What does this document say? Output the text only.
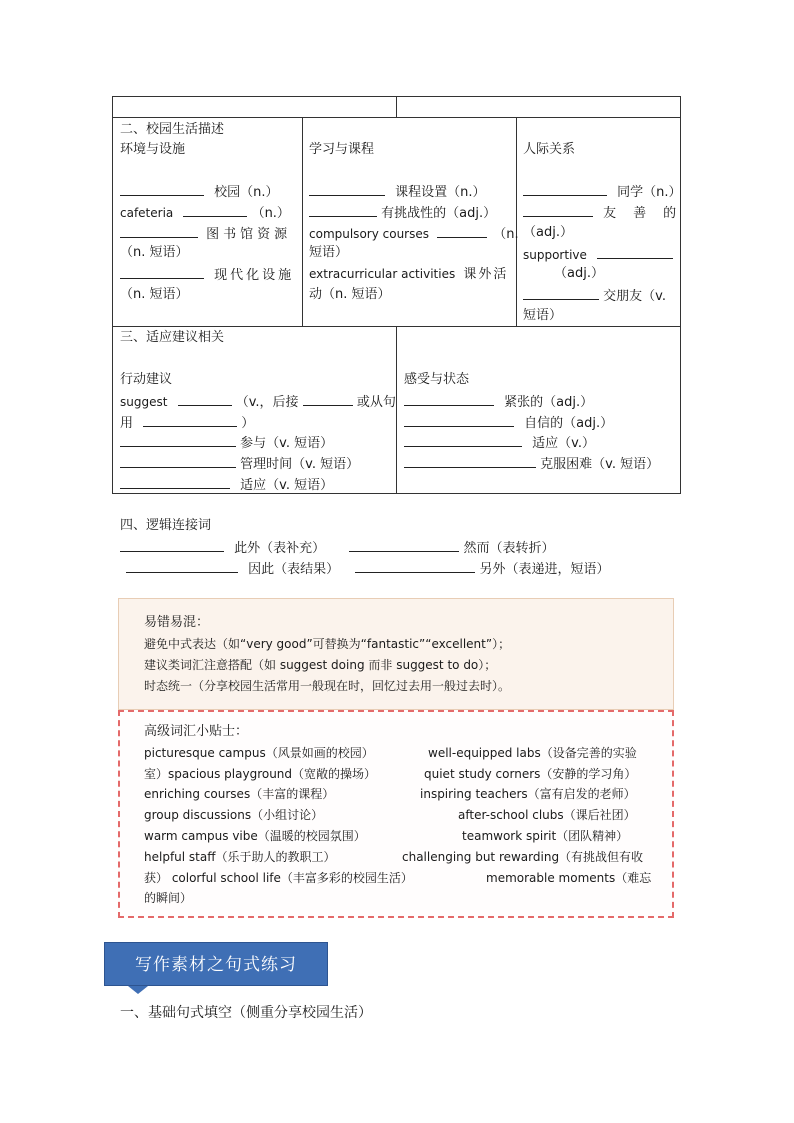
二、校园生活描述
环境与设施
校园（n.）
cafeteria	（n.）
图书馆资源
（n. 短语）
现代化设施
（n. 短语）
学习与课程
课程设置（n.）
有挑战性的（adj.）
compulsory courses	（n.
短语）
extracurricular activities 课外活
动（n. 短语）
人际关系
同学（n.）
友　善　的
（adj.）
supportive
（adj.）
交朋友（v.
短语）
三、适应建议相关
行动建议
suggest	（v.，后接	或从句
用	）
参与（v. 短语）
管理时间（v. 短语）
适应（v. 短语）
感受与状态
紧张的（adj.）
自信的（adj.）
适应（v.）
克服困难（v. 短语）
四、逻辑连接词
此外（表补充）	然而（表转折）
因此（表结果）	另外（表递进，短语）
易错易混：
避免中式表达（如“very good”可替换为“fantastic”“excellent”）；
建议类词汇注意搭配（如 suggest doing 而非 suggest to do）；
时态统一（分享校园生活常用一般现在时，回忆过去用一般过去时）。
高级词汇小贴士：
picturesque campus（风景如画的校园）	well-equipped labs（设备完善的实验
室）spacious playground（宽敞的操场）	quiet study corners（安静的学习角）
enriching courses（丰富的课程）	inspiring teachers（富有启发的老师）
group discussions（小组讨论）	after-school clubs（课后社团）
warm campus vibe（温暖的校园氛围）	teamwork spirit（团队精神）
helpful staff（乐于助人的教职工）	challenging but rewarding（有挑战但有收
获） colorful school life（丰富多彩的校园生活）	memorable moments（难忘
的瞬间）
写作素材之句式练习
一、基础句式填空（侧重分享校园生活）
